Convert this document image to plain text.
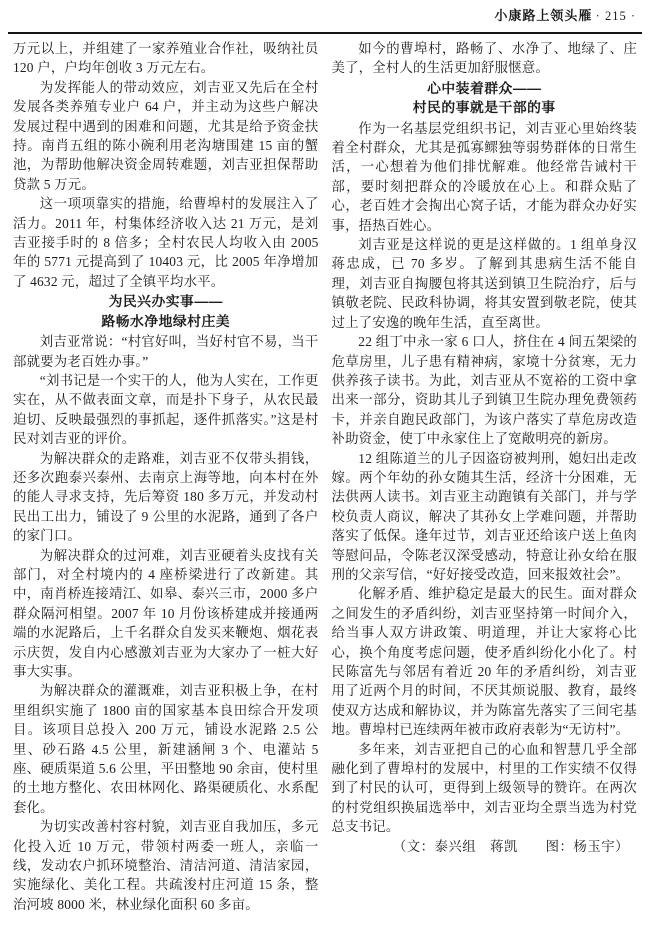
小康路上领头雁 · 215 ·

万元以上，并组建了一家养殖业合作社，吸纳社员 120 户，户均年创收 3 万元左右。

为发挥能人的带动效应，刘吉亚又先后在全村发展各类养殖专业户 64 户，并主动为这些户解决发展过程中遇到的困难和问题，尤其是给予资金扶持。南肖五组的陈小碗利用老沟塘围建 15 亩的蟹池，为帮助他解决资金周转难题，刘吉亚担保帮助贷款 5 万元。

这一项项靠实的措施，给曹埠村的发展注入了活力。2011 年，村集体经济收入达 21 万元，是刘吉亚接手时的 8 倍多；全村农民人均收入由 2005 年的 5771 元提高到了 10403 元，比 2005 年净增加了 4632 元，超过了全镇平均水平。

为民兴办实事——
路畅水净地绿村庄美

刘吉亚常说：“村官好叫，当好村官不易，当干部就要为老百姓办事。”

“刘书记是一个实干的人，他为人实在，工作更实在，从不做表面文章，而是扑下身子，从农民最迫切、反映最强烈的事抓起，逐件抓落实。”这是村民对刘吉亚的评价。

为解决群众的走路难，刘吉亚不仅带头捐钱，还多次跑泰兴泰州、去南京上海等地，向本村在外的能人寻求支持，先后筹资 180 多万元，并发动村民出工出力，铺设了 9 公里的水泥路，通到了各户的家门口。

为解决群众的过河难，刘吉亚硬着头皮找有关部门，对全村境内的 4 座桥梁进行了改新建。其中，南肖桥连接靖江、如皋、泰兴三市，2000 多户群众隔河相望。2007 年 10 月份该桥建成并接通两端的水泥路后，上千名群众自发买来鞭炮、烟花表示庆贺，发自内心感激刘吉亚为大家办了一桩大好事大实事。

为解决群众的灌溉难，刘吉亚积极上争，在村里组织实施了 1800 亩的国家基本良田综合开发项目。该项目总投入 200 万元，铺设水泥路 2.5 公里、砂石路 4.5 公里，新建涵闸 3 个、电灌站 5 座、硬质渠道 5.6 公里，平田整地 90 余亩，使村里的土地方整化、农田林网化、路渠硬质化、水系配套化。

为切实改善村容村貌，刘吉亚自我加压，多元化投入近 10 万元，带领村两委一班人，亲临一线，发动农户抓环境整治、清洁河道、清洁家园，实施绿化、美化工程。共疏浚村庄河道 15 条，整治河坡 8000 米，林业绿化面积 60 多亩。

如今的曹埠村，路畅了、水净了、地绿了、庄美了，全村人的生活更加舒服惬意。

心中装着群众——
村民的事就是干部的事

作为一名基层党组织书记，刘吉亚心里始终装着全村群众，尤其是孤寡鳏独等弱势群体的日常生活，一心想着为他们排忧解难。他经常告诫村干部，要时刻把群众的冷暖放在心上。和群众贴了心，老百姓才会掏出心窝子话，才能为群众办好实事，捂热百姓心。

刘吉亚是这样说的更是这样做的。1 组单身汉蒋忠成，已 70 多岁。了解到其患病生活不能自理，刘吉亚自掏腰包将其送到镇卫生院治疗，后与镇敬老院、民政科协调，将其安置到敬老院，使其过上了安逸的晚年生活，直至离世。

22 组丁中永一家 6 口人，挤住在 4 间五架梁的危草房里，儿子患有精神病，家境十分贫寒，无力供养孩子读书。为此，刘吉亚从不宽裕的工资中拿出来一部分，资助其儿子到镇卫生院办理免费领药卡，并亲自跑民政部门，为该户落实了草危房改造补助资金，使丁中永家住上了宽敞明亮的新房。

12 组陈道兰的儿子因盗窃被判刑，媳妇出走改嫁。两个年幼的孙女随其生活，经济十分困难，无法供两人读书。刘吉亚主动跑镇有关部门，并与学校负责人商议，解决了其孙女上学难问题，并帮助落实了低保。逢年过节，刘吉亚还给该户送上鱼肉等慰问品，令陈老汉深受感动，特意让孙女给在服刑的父亲写信，“好好接受改造，回来报效社会”。

化解矛盾、维护稳定是最大的民生。面对群众之间发生的矛盾纠纷，刘吉亚坚持第一时间介入，给当事人双方讲政策、明道理，并让大家将心比心，换个角度考虑问题，使矛盾纠纷化小化了。村民陈富先与邻居有着近 20 年的矛盾纠纷，刘吉亚用了近两个月的时间，不厌其烦说服、教育，最终使双方达成和解协议，并为陈富先落实了三间宅基地。曹埠村已连续两年被市政府表彰为“无访村”。

多年来，刘吉亚把自己的心血和智慧几乎全部融化到了曹埠村的发展中，村里的工作实绩不仅得到了村民的认可，更得到上级领导的赞许。在两次的村党组织换届选举中，刘吉亚均全票当选为村党总支书记。

（文：泰兴组　蒋凯　　图：杨玉宇）
